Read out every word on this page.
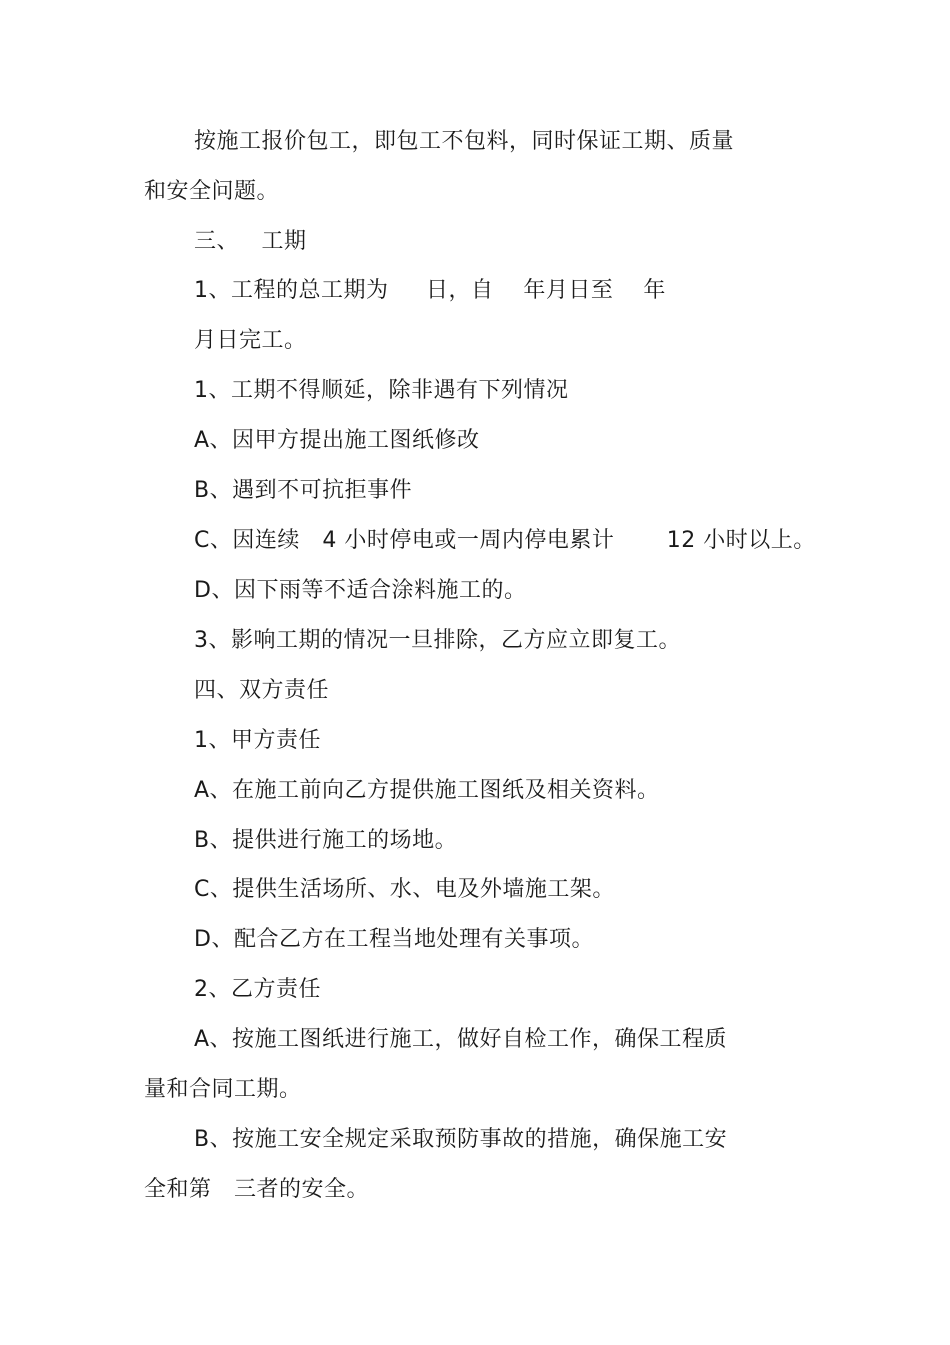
按施工报价包工，即包工不包料，同时保证工期、质量
和安全问题。
三、   工期
1、工程的总工期为     日，自    年月日至    年
月日完工。
1、工期不得顺延，除非遇有下列情况
A、因甲方提出施工图纸修改
B、遇到不可抗拒事件
C、因连续   4 小时停电或一周内停电累计       12 小时以上。
D、因下雨等不适合涂料施工的。
3、影响工期的情况一旦排除，乙方应立即复工。
四、双方责任
1、甲方责任
A、在施工前向乙方提供施工图纸及相关资料。
B、提供进行施工的场地。
C、提供生活场所、水、电及外墙施工架。
D、配合乙方在工程当地处理有关事项。
2、乙方责任
A、按施工图纸进行施工，做好自检工作，确保工程质
量和合同工期。
B、按施工安全规定采取预防事故的措施，确保施工安
全和第   三者的安全。
